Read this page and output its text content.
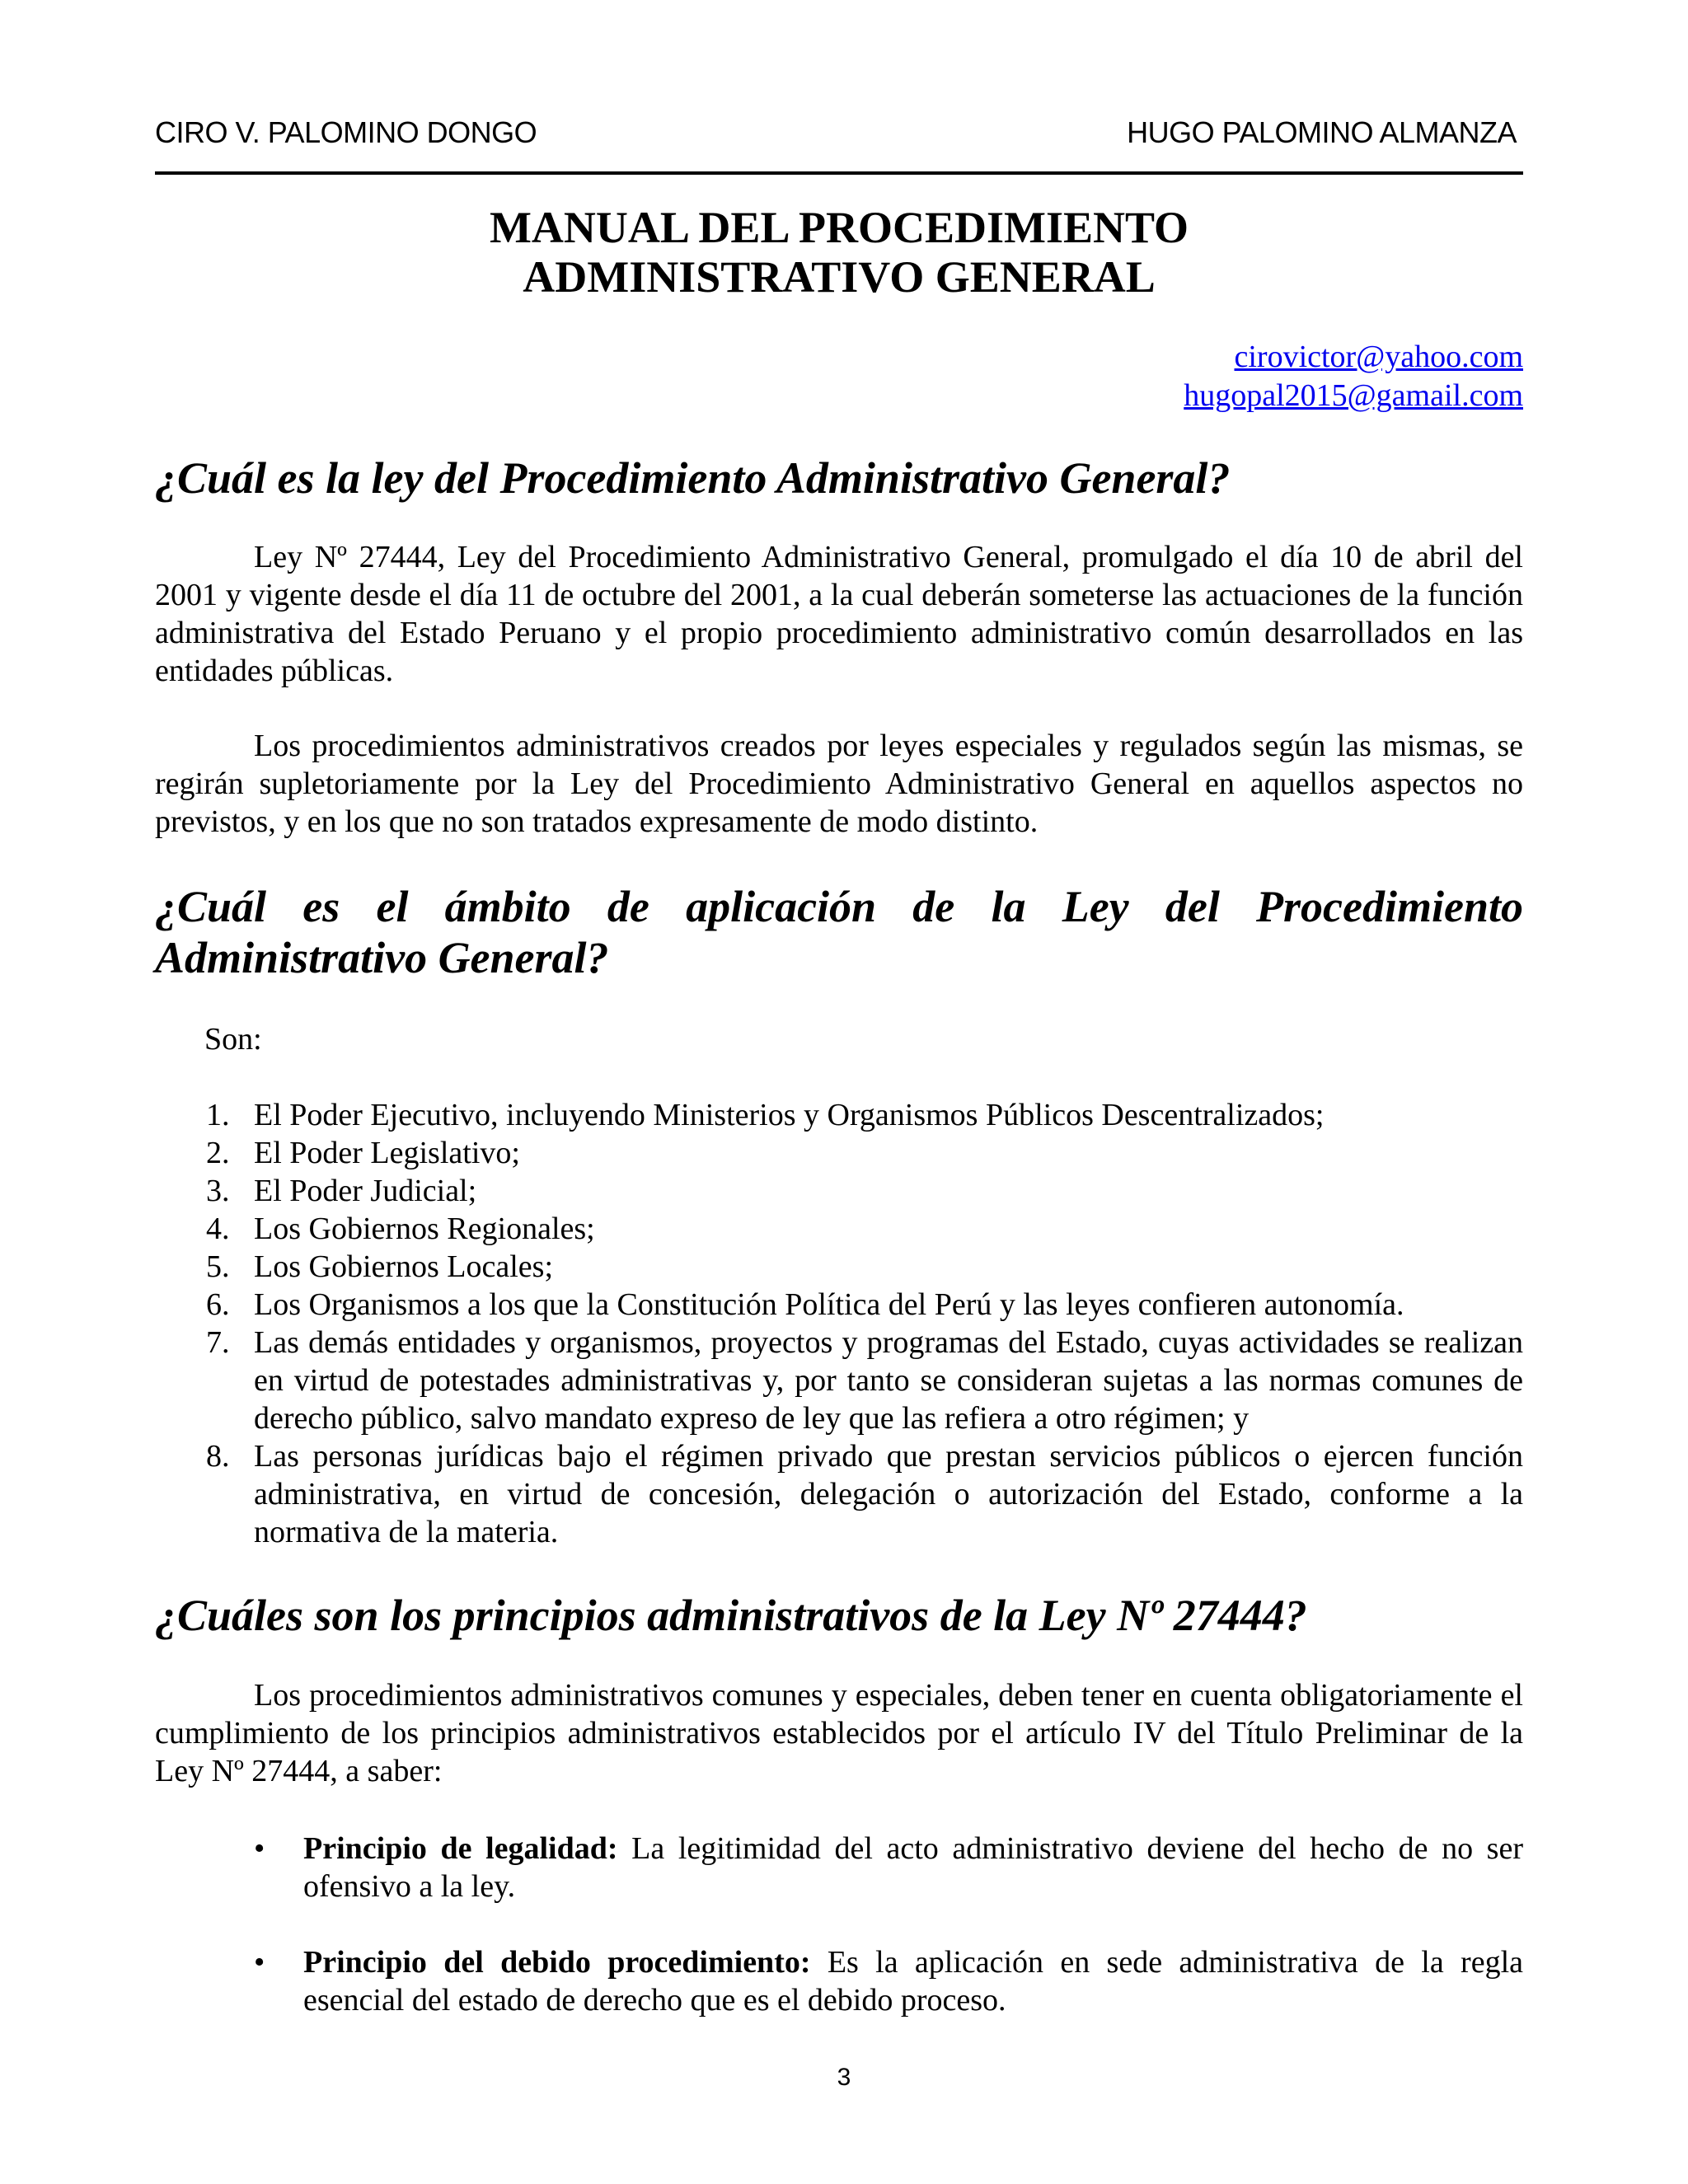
CIRO V. PALOMINO DONGO	HUGO PALOMINO ALMANZA
MANUAL DEL PROCEDIMIENTO
ADMINISTRATIVO GENERAL
cirovictor@yahoo.com
hugopal2015@gamail.com
¿Cuál es la ley del Procedimiento Administrativo General?

Ley Nº 27444, Ley del Procedimiento Administrativo General, promulgado el día 10 de abril del 2001 y vigente desde el día 11 de octubre del 2001, a la cual deberán someterse las actuaciones de la función administrativa del Estado Peruano y el propio procedimiento administrativo común desarrollados en las entidades públicas.

Los procedimientos administrativos creados por leyes especiales y regulados según las mismas, se regirán supletoriamente por la Ley del Procedimiento Administrativo General en aquellos aspectos no previstos, y en los que no son tratados expresamente de modo distinto.

¿Cuál es el ámbito de aplicación de la Ley del Procedimiento
Administrativo General?
Son:
1. El Poder Ejecutivo, incluyendo Ministerios y Organismos Públicos Descentralizados;
2. El Poder Legislativo;
3. El Poder Judicial;
4. Los Gobiernos Regionales;
5. Los Gobiernos Locales;
6. Los Organismos a los que la Constitución Política del Perú y las leyes confieren autonomía.
7. Las demás entidades y organismos, proyectos y programas del Estado, cuyas actividades se realizan en virtud de potestades administrativas y, por tanto se consideran sujetas a las normas comunes de derecho público, salvo mandato expreso de ley que las refiera a otro régimen; y
8. Las personas jurídicas bajo el régimen privado que prestan servicios públicos o ejercen función administrativa, en virtud de concesión, delegación o autorización del Estado, conforme a la normativa de la materia.
¿Cuáles son los principios administrativos de la Ley Nº 27444?

Los procedimientos administrativos comunes y especiales, deben tener en cuenta obligatoriamente el cumplimiento de los principios administrativos establecidos por el artículo IV del Título Preliminar de la Ley Nº 27444, a saber:

• Principio de legalidad: La legitimidad del acto administrativo deviene del hecho de no ser ofensivo a la ley.
• Principio del debido procedimiento: Es la aplicación en sede administrativa de la regla esencial del estado de derecho que es el debido proceso.
3
